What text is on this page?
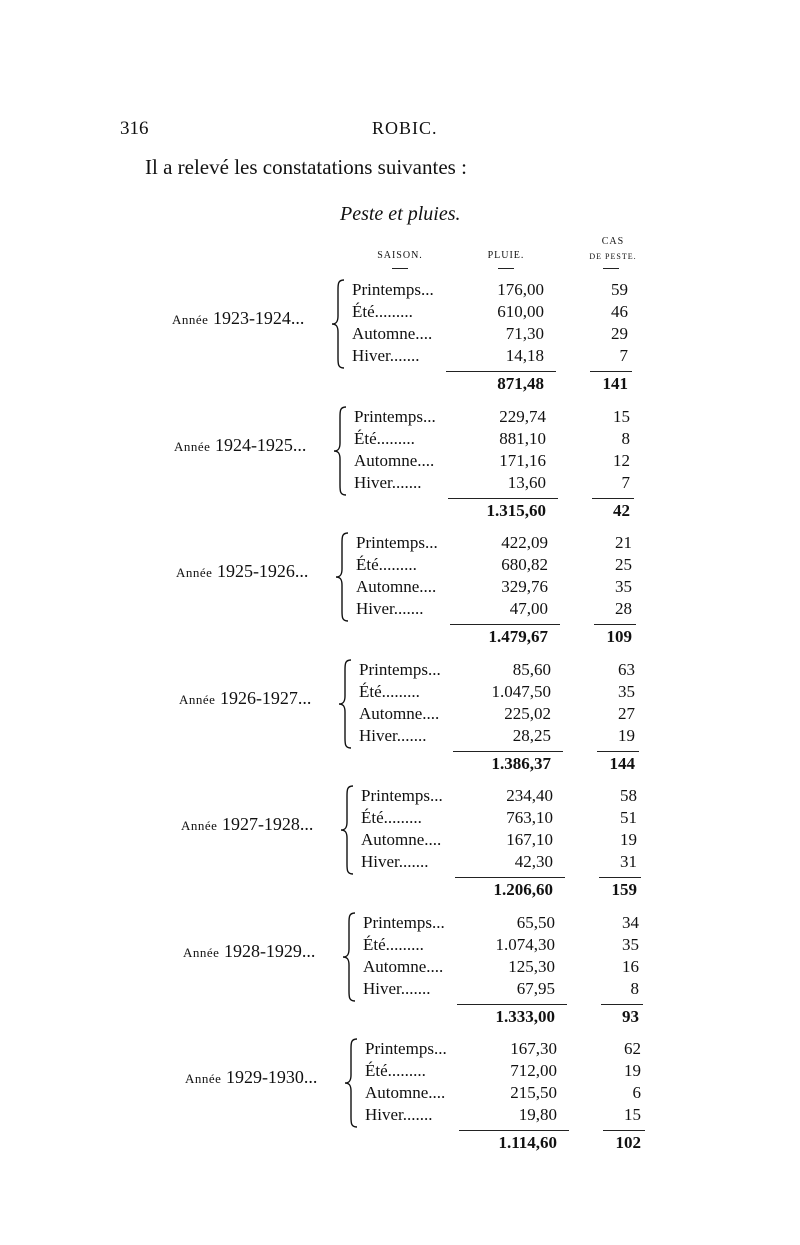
316	ROBIC.
Il a relevé les constatations suivantes :
Peste et pluies.
SAISON.	PLUIE.
CAS
DE PESTE.
Année 1923-1924...
Printemps...	176,00	59
Été.........	610,00	46
Automne....	71,30	29
Hiver.......	14,18	7
871,48	141
Année 1924-1925...
Printemps...	229,74	15
Été.........	881,10	8
Automne....	171,16	12
Hiver.......	13,60	7
1.315,60	42
Année 1925-1926...
Printemps...	422,09	21
Été.........	680,82	25
Automne....	329,76	35
Hiver.......	47,00	28
1.479,67	109
Année 1926-1927...
Printemps...	85,60	63
Été.........	1.047,50	35
Automne....	225,02	27
Hiver.......	28,25	19
1.386,37	144
Année 1927-1928...
Printemps...	234,40	58
Été.........	763,10	51
Automne....	167,10	19
Hiver.......	42,30	31
1.206,60	159
Année 1928-1929...
Printemps...	65,50	34
Été.........	1.074,30	35
Automne....	125,30	16
Hiver.......	67,95	8
1.333,00	93
Année 1929-1930...
Printemps...	167,30	62
Été.........	712,00	19
Automne....	215,50	6
Hiver.......	19,80	15
1.114,60	102
